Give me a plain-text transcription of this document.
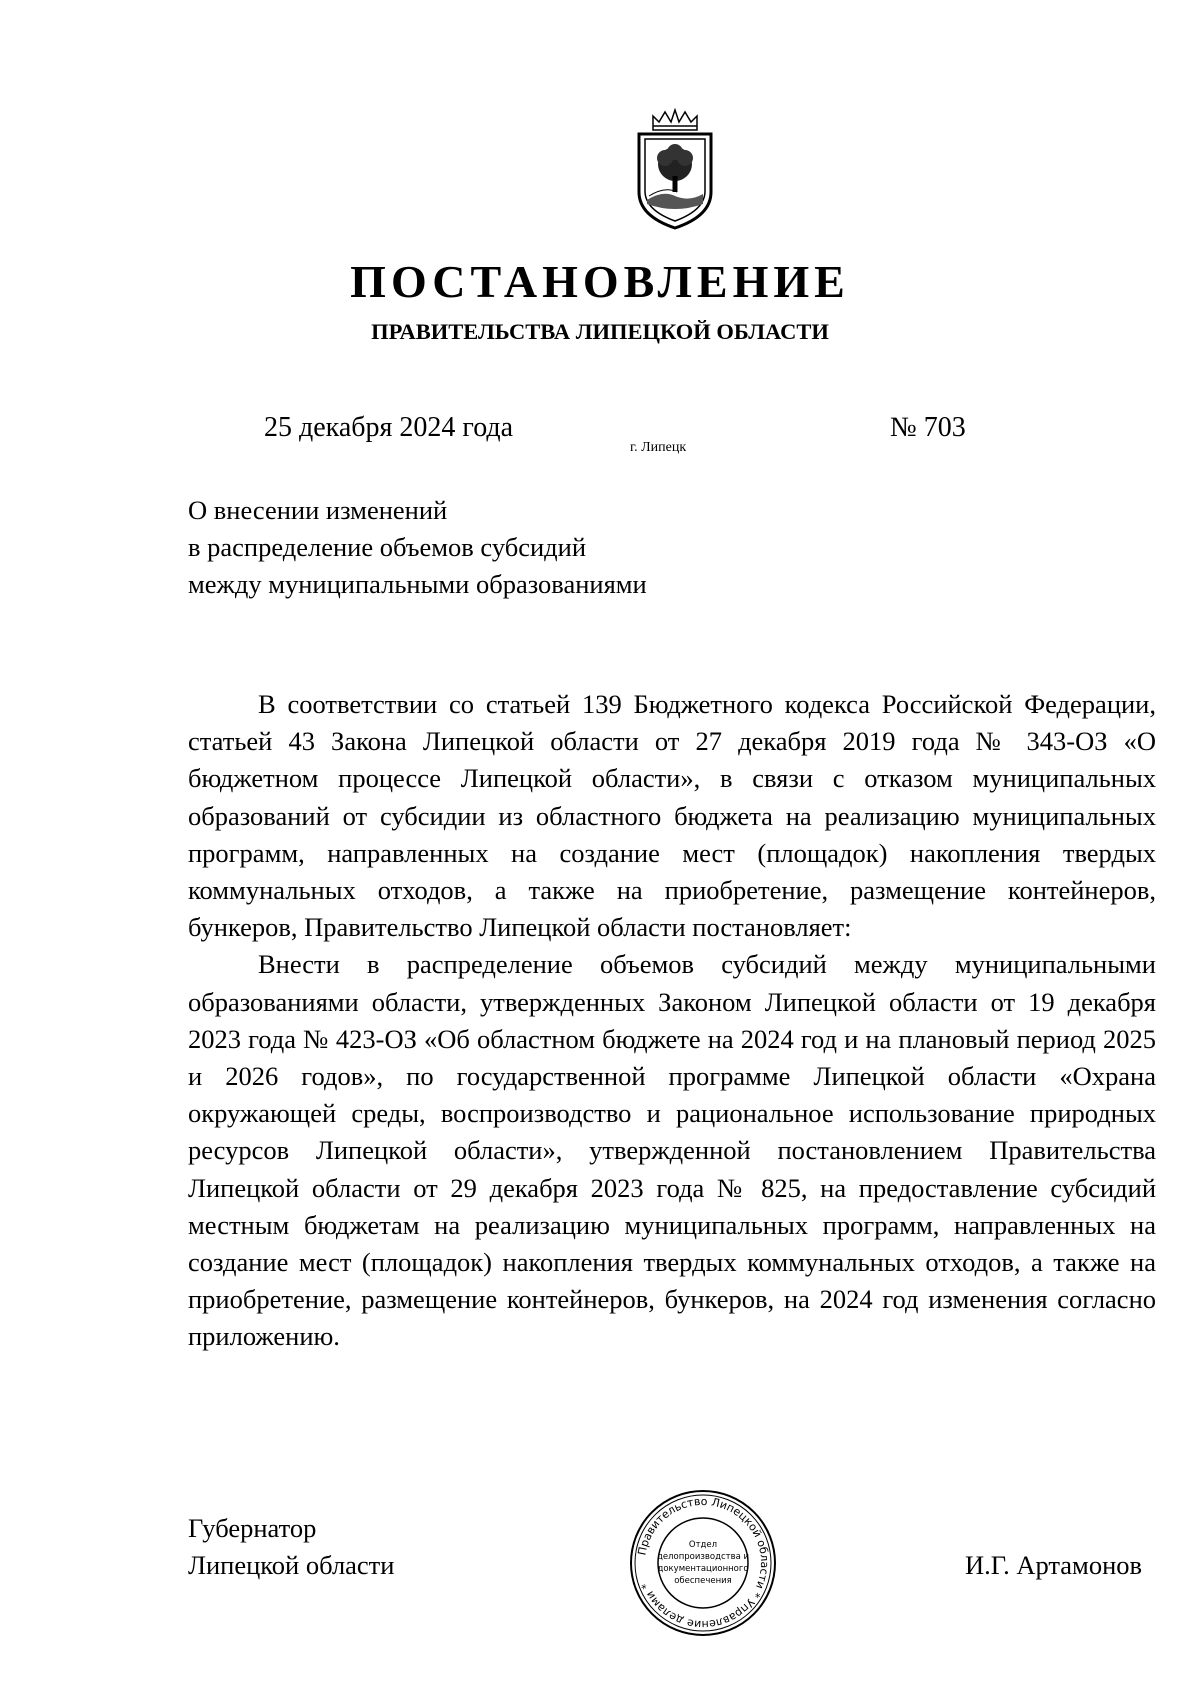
ПОСТАНОВЛЕНИЕ
ПРАВИТЕЛЬСТВА ЛИПЕЦКОЙ ОБЛАСТИ
25 декабря 2024 года
г. Липецк
№ 703
О внесении изменений
в распределение объемов субсидий
между муниципальными образованиями

В соответствии со статьей 139 Бюджетного кодекса Российской Федерации, статьей 43 Закона Липецкой области от 27 декабря 2019 года № 343-ОЗ «О бюджетном процессе Липецкой области», в связи с отказом муниципальных образований от субсидии из областного бюджета на реализацию муниципальных программ, направленных на создание мест (площадок) накопления твердых коммунальных отходов, а также на приобретение, размещение контейнеров, бункеров, Правительство Липецкой области постановляет:

Внести в распределение объемов субсидий между муниципальными образованиями области, утвержденных Законом Липецкой области от 19 декабря 2023 года № 423-ОЗ «Об областном бюджете на 2024 год и на плановый период 2025 и 2026 годов», по государственной программе Липецкой области «Охрана окружающей среды, воспроизводство и рациональное использование природных ресурсов Липецкой области», утвержденной постановлением Правительства Липецкой области от 29 декабря 2023 года № 825, на предоставление субсидий местным бюджетам на реализацию муниципальных программ, направленных на создание мест (площадок) накопления твердых коммунальных отходов, а также на приобретение, размещение контейнеров, бункеров, на 2024 год изменения согласно приложению.

Губернатор
Липецкой области	Правительство Липецкой области * Управление делами *
Отдел
делопроизводства и
документационного
обеспечения
И.Г. Артамонов
